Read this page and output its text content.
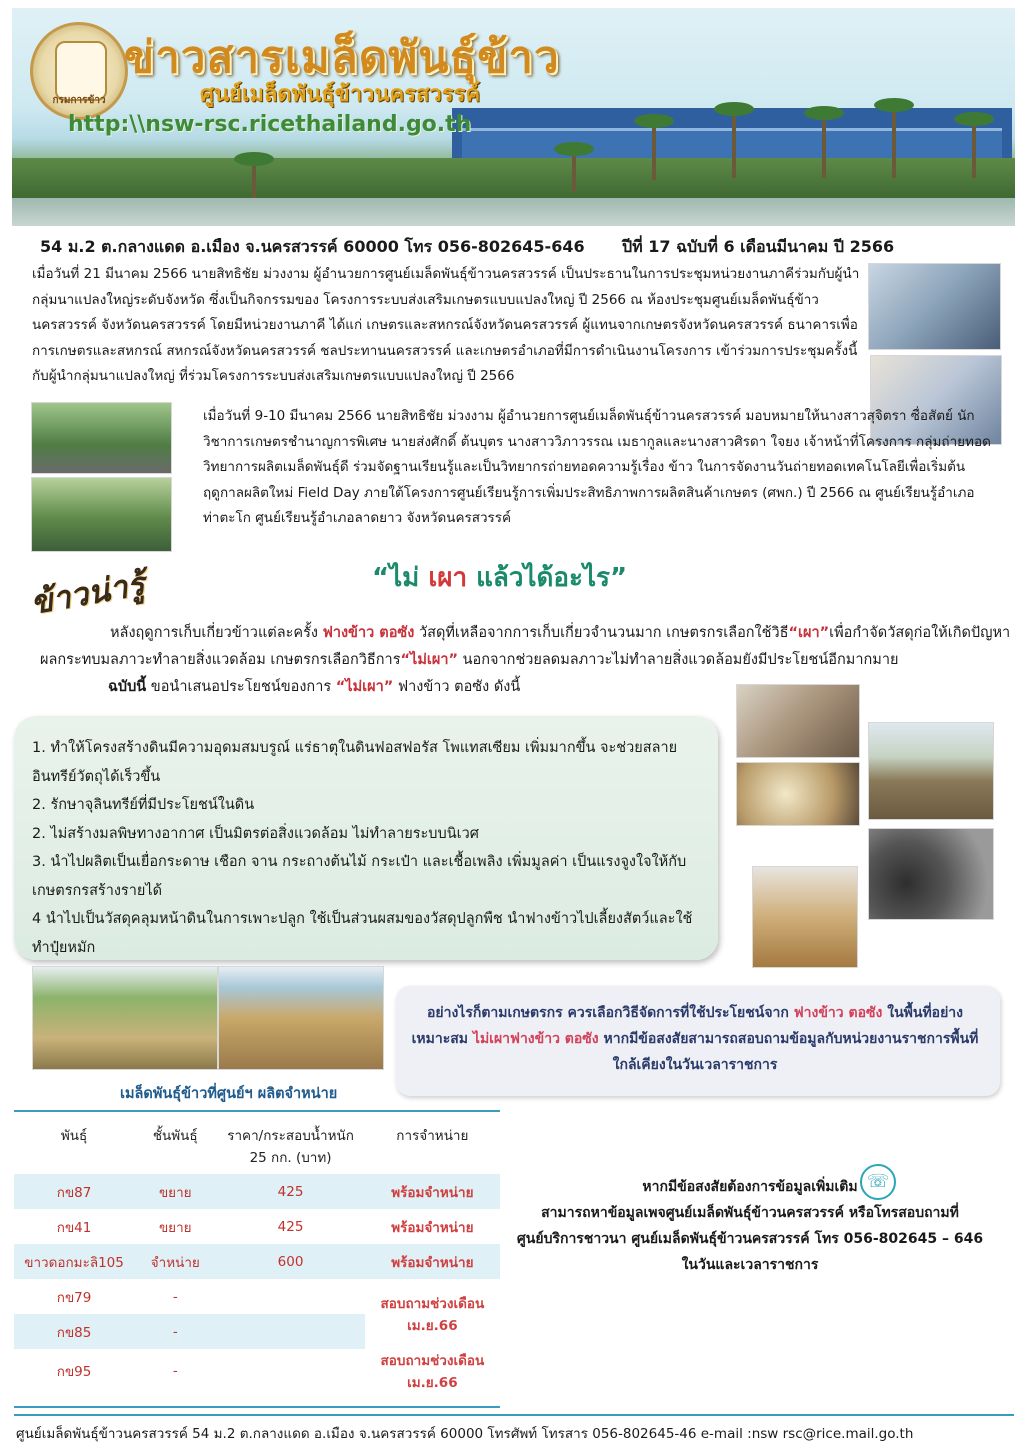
กรมการข้าว
ข่าวสารเมล็ดพันธุ์ข้าว
ศูนย์เมล็ดพันธุ์ข้าวนครสวรรค์
http:\\nsw-rsc.ricethailand.go.th
54 ม.2 ต.กลางแดด อ.เมือง จ.นครสวรรค์ 60000 โทร 056-802645-646 ปีที่ 17 ฉบับที่ 6 เดือนมีนาคม ปี 2566
เมื่อวันที่ 21 มีนาคม 2566 นายสิทธิชัย ม่วงงาม ผู้อำนวยการศูนย์เมล็ดพันธุ์ข้าวนครสวรรค์ เป็นประธานในการประชุมหน่วยงานภาคีร่วมกับผู้นำกลุ่มนาแปลงใหญ่ระดับจังหวัด ซึ่งเป็นกิจกรรมของ โครงการระบบส่งเสริมเกษตรแบบแปลงใหญ่ ปี 2566 ณ ห้องประชุมศูนย์เมล็ดพันธุ์ข้าวนครสวรรค์ จังหวัดนครสวรรค์ โดยมีหน่วยงานภาคี ได้แก่ เกษตรและสหกรณ์จังหวัดนครสวรรค์ ผู้แทนจากเกษตรจังหวัดนครสวรรค์ ธนาคารเพื่อการเกษตรและสหกรณ์ สหกรณ์จังหวัดนครสวรรค์ ชลประทานนครสวรรค์ และเกษตรอำเภอที่มีการดำเนินงานโครงการ เข้าร่วมการประชุมครั้งนี้ กับผู้นำกลุ่มนาแปลงใหญ่ ที่ร่วมโครงการระบบส่งเสริมเกษตรแบบแปลงใหญ่ ปี 2566
เมื่อวันที่ 9-10 มีนาคม 2566 นายสิทธิชัย ม่วงงาม ผู้อำนวยการศูนย์เมล็ดพันธุ์ข้าวนครสวรรค์ มอบหมายให้นางสาวสุจิตรา ซื่อสัตย์ นักวิชาการเกษตรชำนาญการพิเศษ นายส่งศักดิ์ ต้นบุตร นางสาววิภาวรรณ เมธากูลและนางสาวศิรดา ใจยง เจ้าหน้าที่โครงการ กลุ่มถ่ายทอดวิทยาการผลิตเมล็ดพันธุ์ดี ร่วมจัดฐานเรียนรู้และเป็นวิทยากรถ่ายทอดความรู้เรื่อง ข้าว ในการจัดงานวันถ่ายทอดเทคโนโลยีเพื่อเริ่มต้นฤดูกาลผลิตใหม่ Field Day ภายใต้โครงการศูนย์เรียนรู้การเพิ่มประสิทธิภาพการผลิตสินค้าเกษตร (ศพก.) ปี 2566 ณ ศูนย์เรียนรู้อำเภอท่าตะโก ศูนย์เรียนรู้อำเภอลาดยาว จังหวัดนครสวรรค์
ข้าวน่ารู้	“ไม่ เผา แล้วได้อะไร”
หลังฤดูการเก็บเกี่ยวข้าวแต่ละครั้ง ฟางข้าว ตอซัง วัสดุที่เหลือจากการเก็บเกี่ยวจำนวนมาก เกษตรกรเลือกใช้วิธี“เผา”เพื่อกำจัดวัสดุก่อให้เกิดปัญหาผลกระทบมลภาวะทำลายสิ่งแวดล้อม เกษตรกรเลือกวิธีการ“ไม่เผา” นอกจากช่วยลดมลภาวะไม่ทำลายสิ่งแวดล้อมยังมีประโยชน์อีกมากมาย
ฉบับนี้ ขอนำเสนอประโยชน์ของการ “ไม่เผา” ฟางข้าว ตอซัง ดังนี้
1. ทำให้โครงสร้างดินมีความอุดมสมบรูณ์ แร่ธาตุในดินฟอสฟอรัส โพแทสเซียม เพิ่มมากขึ้น จะช่วยสลายอินทรีย์วัตถุได้เร็วขึ้น
2. รักษาจุลินทรีย์ที่มีประโยชน์ในดิน
2. ไม่สร้างมลพิษทางอากาศ เป็นมิตรต่อสิ่งแวดล้อม ไม่ทำลายระบบนิเวศ
3. นำไปผลิตเป็นเยื่อกระดาษ เชือก จาน กระถางต้นไม้ กระเป๋า และเชื้อเพลิง เพิ่มมูลค่า เป็นแรงจูงใจให้กับเกษตรกรสร้างรายได้
4 นำไปเป็นวัสดุคลุมหน้าดินในการเพาะปลูก ใช้เป็นส่วนผสมของวัสดุปลูกพืช นำฟางข้าวไปเลี้ยงสัตว์และใช้ทำปุ๋ยหมัก

อย่างไรก็ตามเกษตรกร ควรเลือกวิธีจัดการที่ใช้ประโยชน์จาก ฟางข้าว ตอซัง ในพื้นที่อย่างเหมาะสม ไม่เผาฟางข้าว ตอซัง หากมีข้อสงสัยสามารถสอบถามข้อมูลกับหน่วยงานราชการพื้นที่ใกล้เคียงในวันเวลาราชการ

เมล็ดพันธุ์ข้าวที่ศูนย์ฯ ผลิตจำหน่าย
พันธุ์	ชั้นพันธุ์	ราคา/กระสอบน้ำหนัก 25 กก. (บาท)	การจำหน่าย
กข87	ขยาย	425	พร้อมจำหน่าย
กข41	ขยาย	425	พร้อมจำหน่าย
ขาวดอกมะลิ105	จำหน่าย	600	พร้อมจำหน่าย
กข79	-		สอบถามช่วงเดือน เม.ย.66
กข85	-		
กข95	-		สอบถามช่วงเดือน เม.ย.66
☏
หากมีข้อสงสัยต้องการข้อมูลเพิ่มเติม
สามารถหาข้อมูลเพจศูนย์เมล็ดพันธุ์ข้าวนครสวรรค์ หรือโทรสอบถามที่
ศูนย์บริการชาวนา ศูนย์เมล็ดพันธุ์ข้าวนครสวรรค์ โทร 056-802645 – 646
ในวันและเวลาราชการ
ศูนย์เมล็ดพันธุ์ข้าวนครสวรรค์ 54 ม.2 ต.กลางแดด อ.เมือง จ.นครสวรรค์ 60000 โทรศัพท์ โทรสาร 056-802645-46 e-mail :nsw rsc@rice.mail.go.th
